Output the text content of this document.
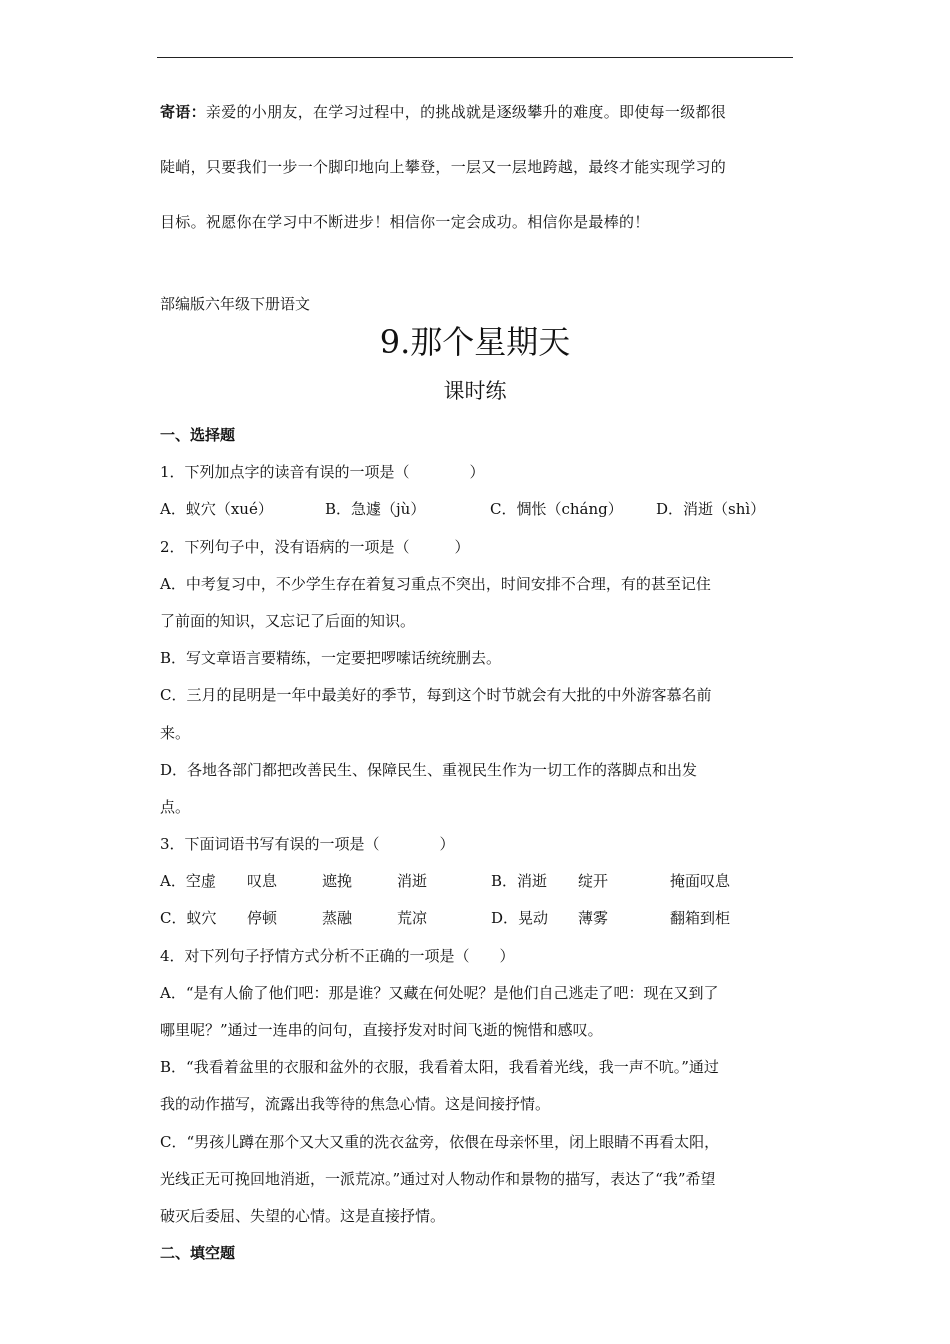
寄语：亲爱的小朋友，在学习过程中，的挑战就是逐级攀升的难度。即使每一级都很
陡峭，只要我们一步一个脚印地向上攀登，一层又一层地跨越，最终才能实现学习的
目标。祝愿你在学习中不断进步！相信你一定会成功。相信你是最棒的！
部编版六年级下册语文
9.那个星期天
课时练
一、选择题
1．下列加点字的读音有误的一项是（　　　　）
A．蚁穴（xué）	B．急遽（jù）	C．惆怅（cháng）	D．消逝（shì）
2．下列句子中，没有语病的一项是（　　　）
A．中考复习中，不少学生存在着复习重点不突出，时间安排不合理，有的甚至记住
了前面的知识，又忘记了后面的知识。
B．写文章语言要精练，一定要把啰嗦话统统删去。
C．三月的昆明是一年中最美好的季节，每到这个时节就会有大批的中外游客慕名前
来。
D．各地各部门都把改善民生、保障民生、重视民生作为一切工作的落脚点和出发
点。
3．下面词语书写有误的一项是（　　　　）
A．空虚	叹息	遮挽	消逝	B．消逝	绽开	掩面叹息
C．蚁穴	停顿	蒸融	荒凉	D．晃动	薄雾	翻箱到柜
4．对下列句子抒情方式分析不正确的一项是（　　）
A．“是有人偷了他们吧：那是谁？又藏在何处呢？是他们自己逃走了吧：现在又到了
哪里呢？”通过一连串的问句，直接抒发对时间飞逝的惋惜和感叹。
B．“我看着盆里的衣服和盆外的衣服，我看着太阳，我看着光线，我一声不吭。”通过
我的动作描写，流露出我等待的焦急心情。这是间接抒情。
C．“男孩儿蹲在那个又大又重的洗衣盆旁，依偎在母亲怀里，闭上眼睛不再看太阳，
光线正无可挽回地消逝，一派荒凉。”通过对人物动作和景物的描写，表达了“我”希望
破灭后委屈、失望的心情。这是直接抒情。
二、填空题
